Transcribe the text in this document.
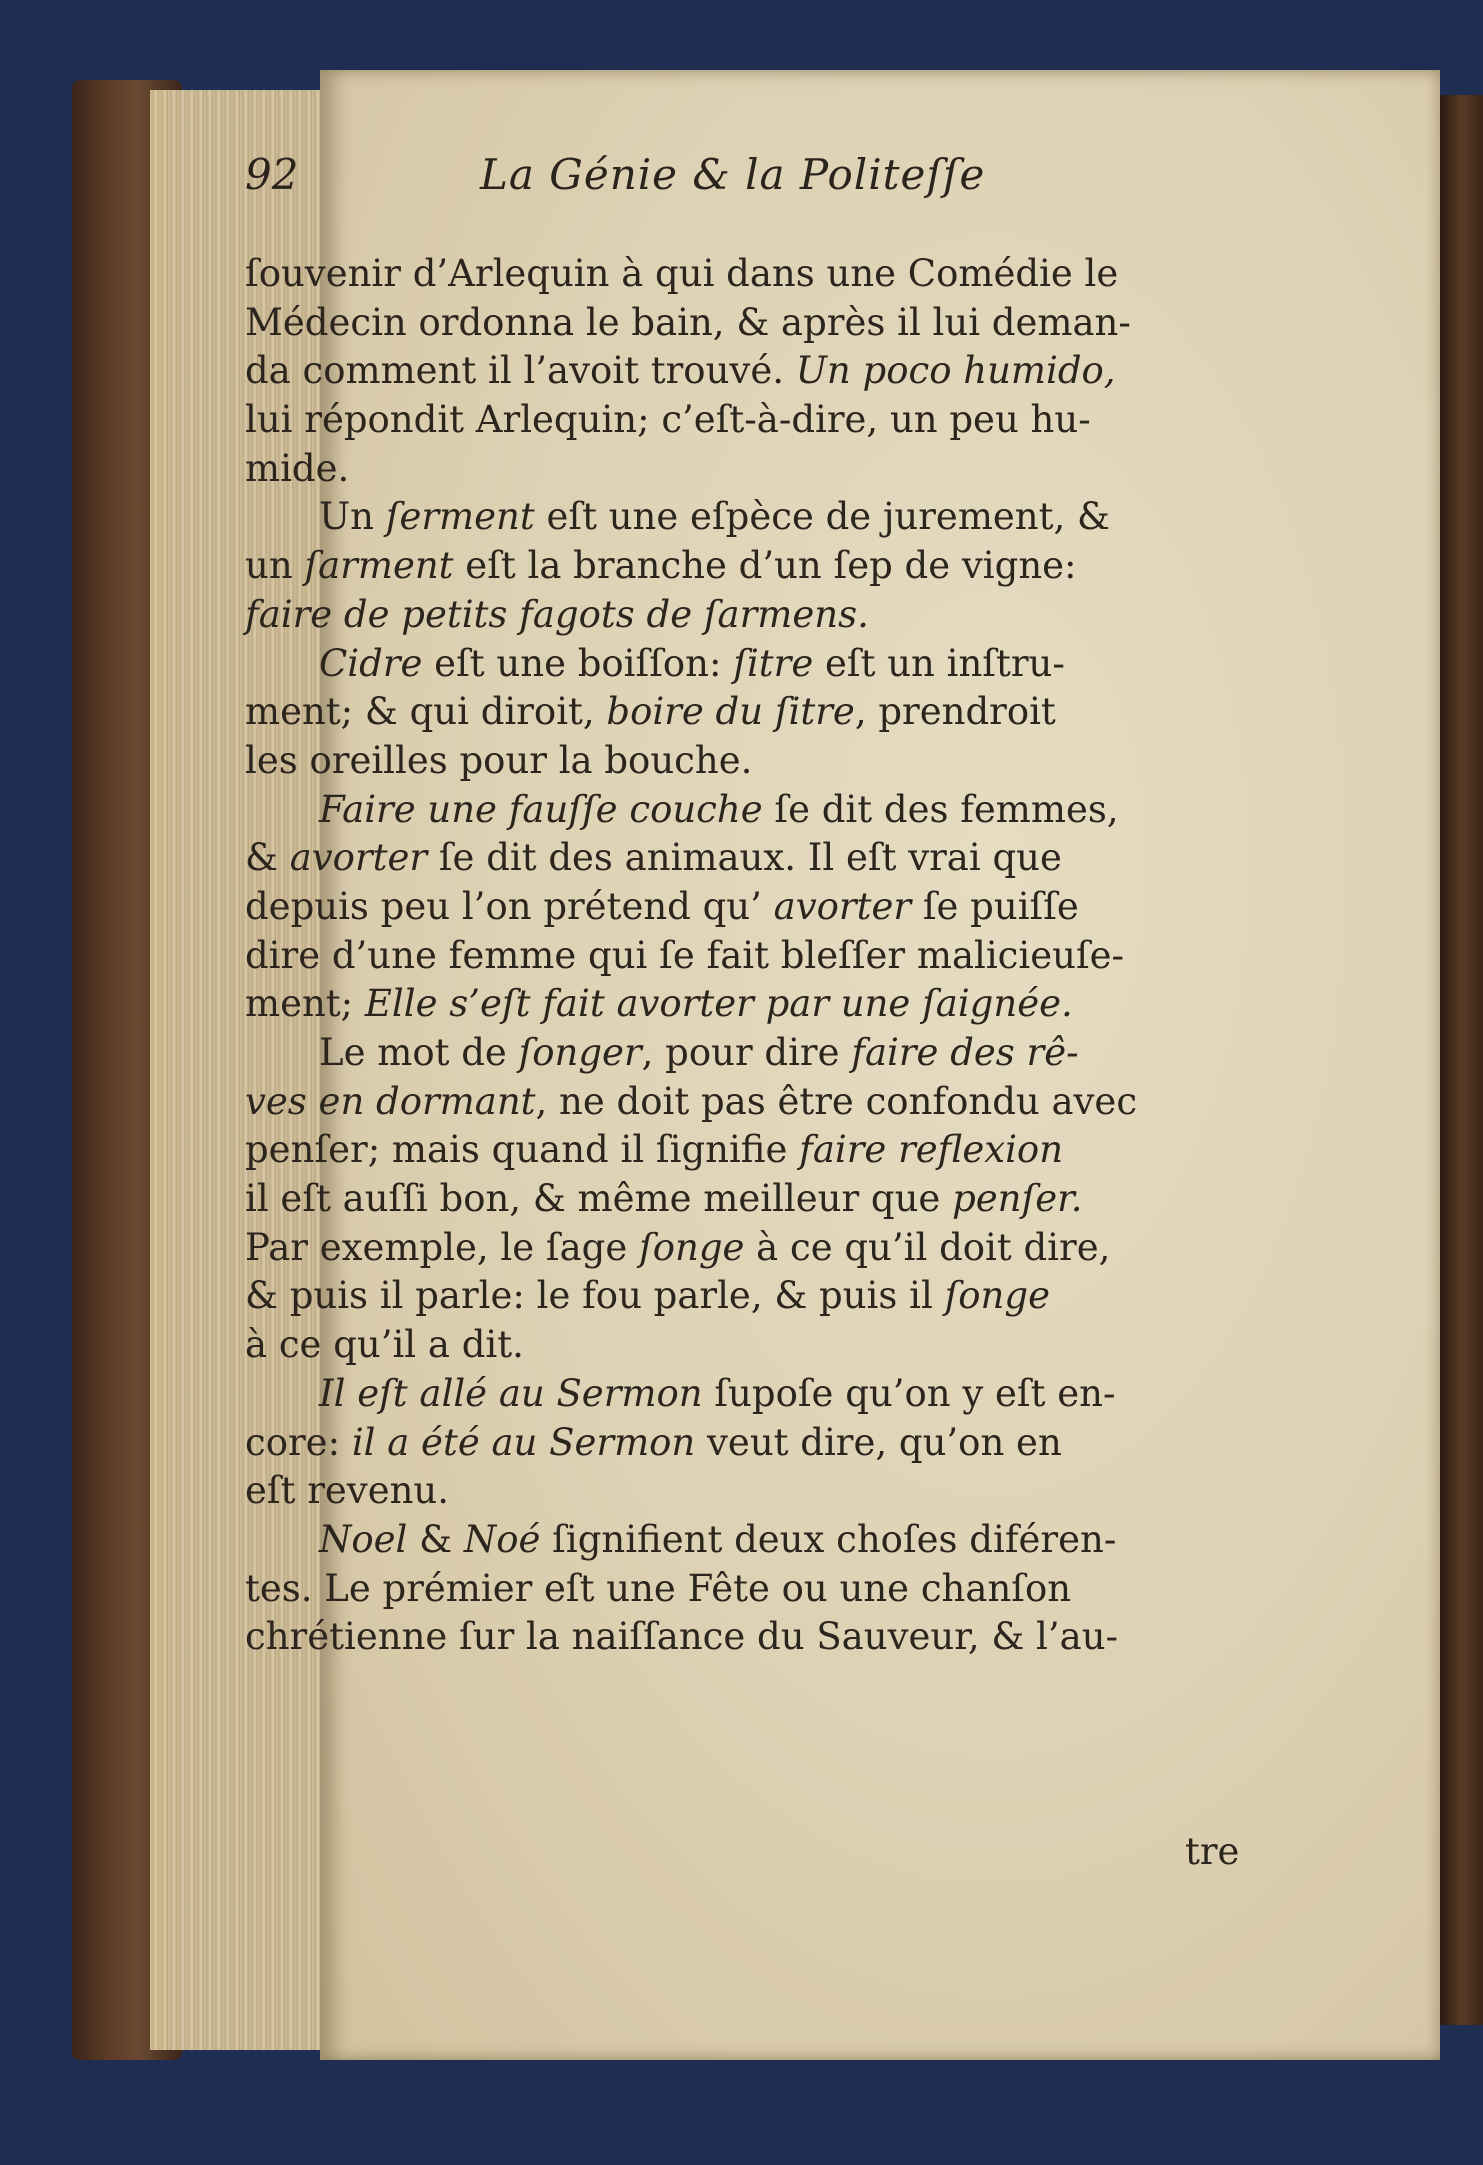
92	La Génie & la Politeſſe
ſouvenir d’Arlequin à qui dans une Comédie le
Médecin ordonna le bain, & après il lui deman-
da comment il l’avoit trouvé. Un poco humido,
lui répondit Arlequin; c’eſt-à-dire, un peu hu-
mide.
  Un ſerment eſt une eſpèce de jurement, &
un ſarment eſt la branche d’un ſep de vigne:
faire de petits fagots de ſarmens.
  Cidre eſt une boiſſon: ſitre eſt un inſtru-
ment; & qui diroit, boire du ſitre, prendroit
les oreilles pour la bouche.
  Faire une fauſſe couche ſe dit des femmes,
& avorter ſe dit des animaux. Il eſt vrai que
depuis peu l’on prétend qu’ avorter ſe puiſſe
dire d’une femme qui ſe fait bleſſer malicieuſe-
ment; Elle s’eſt fait avorter par une ſaignée.
  Le mot de ſonger, pour dire faire des rê-
ves en dormant, ne doit pas être confondu avec
penſer; mais quand il ſignifie faire reflexion
il eſt auſſi bon, & même meilleur que penſer.
Par exemple, le ſage ſonge à ce qu’il doit dire,
& puis il parle: le fou parle, & puis il ſonge
à ce qu’il a dit.
  Il eſt allé au Sermon ſupoſe qu’on y eſt en-
core: il a été au Sermon veut dire, qu’on en
eſt revenu.
  Noel & Noé ſignifient deux choſes diféren-
tes. Le prémier eſt une Fête ou une chanſon
chrétienne ſur la naiſſance du Sauveur, & l’au-
tre
